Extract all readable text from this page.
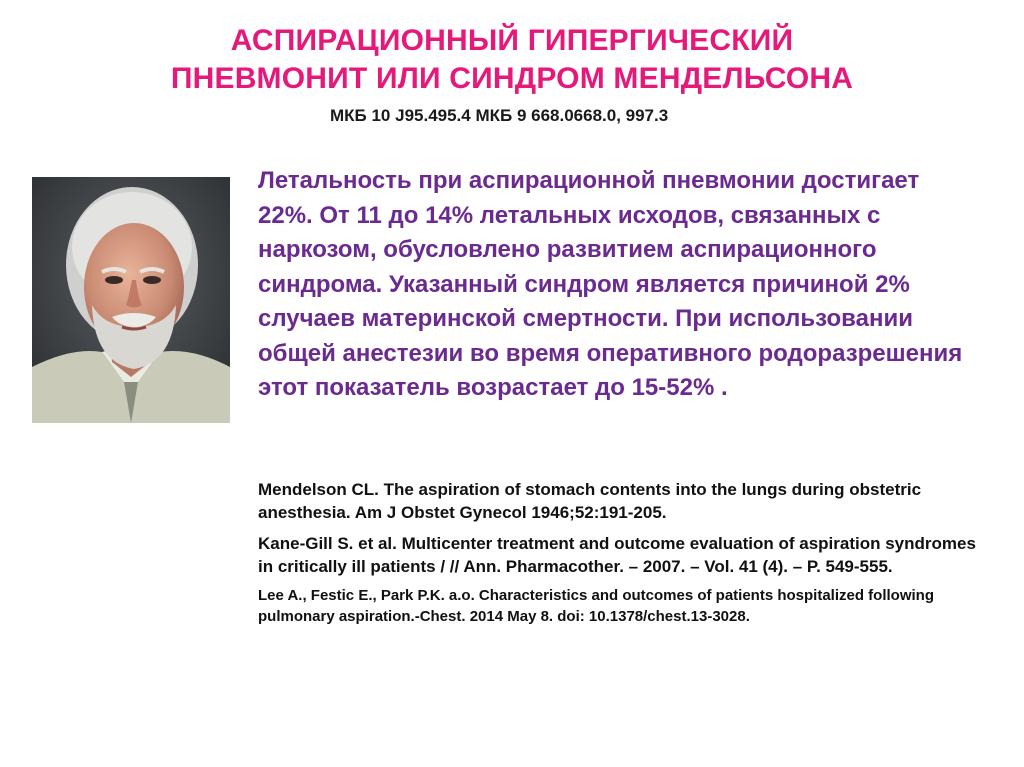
АСПИРАЦИОННЫЙ ГИПЕРГИЧЕСКИЙ
ПНЕВМОНИТ ИЛИ СИНДРОМ МЕНДЕЛЬСОНА
МКБ 10 J95.495.4 МКБ 9 668.0668.0, 997.3

Летальность при аспирационной пневмонии достигает 22%. От 11 до 14% летальных исходов, связанных с наркозом, обусловлено развитием аспирационного синдрома. Указанный синдром является причиной 2% случаев материнской смертности. При использовании общей анестезии во время оперативного родоразрешения этот показатель возрастает до 15-52% .

Mendelson CL. The aspiration of stomach contents into the lungs during obstetric anesthesia. Am J Obstet Gynecol 1946;52:191-205.

Kane-Gill S. et al. Multicenter treatment and outcome evaluation of aspiration syndromes in critically ill patients / // Ann. Pharmacother. – 2007. – Vol. 41 (4). – P. 549-555.

Lee A., Festic E., Park P.K. a.o. Characteristics and outcomes of patients hospitalized following pulmonary aspiration.-Chest. 2014 May 8. doi: 10.1378/chest.13-3028.
